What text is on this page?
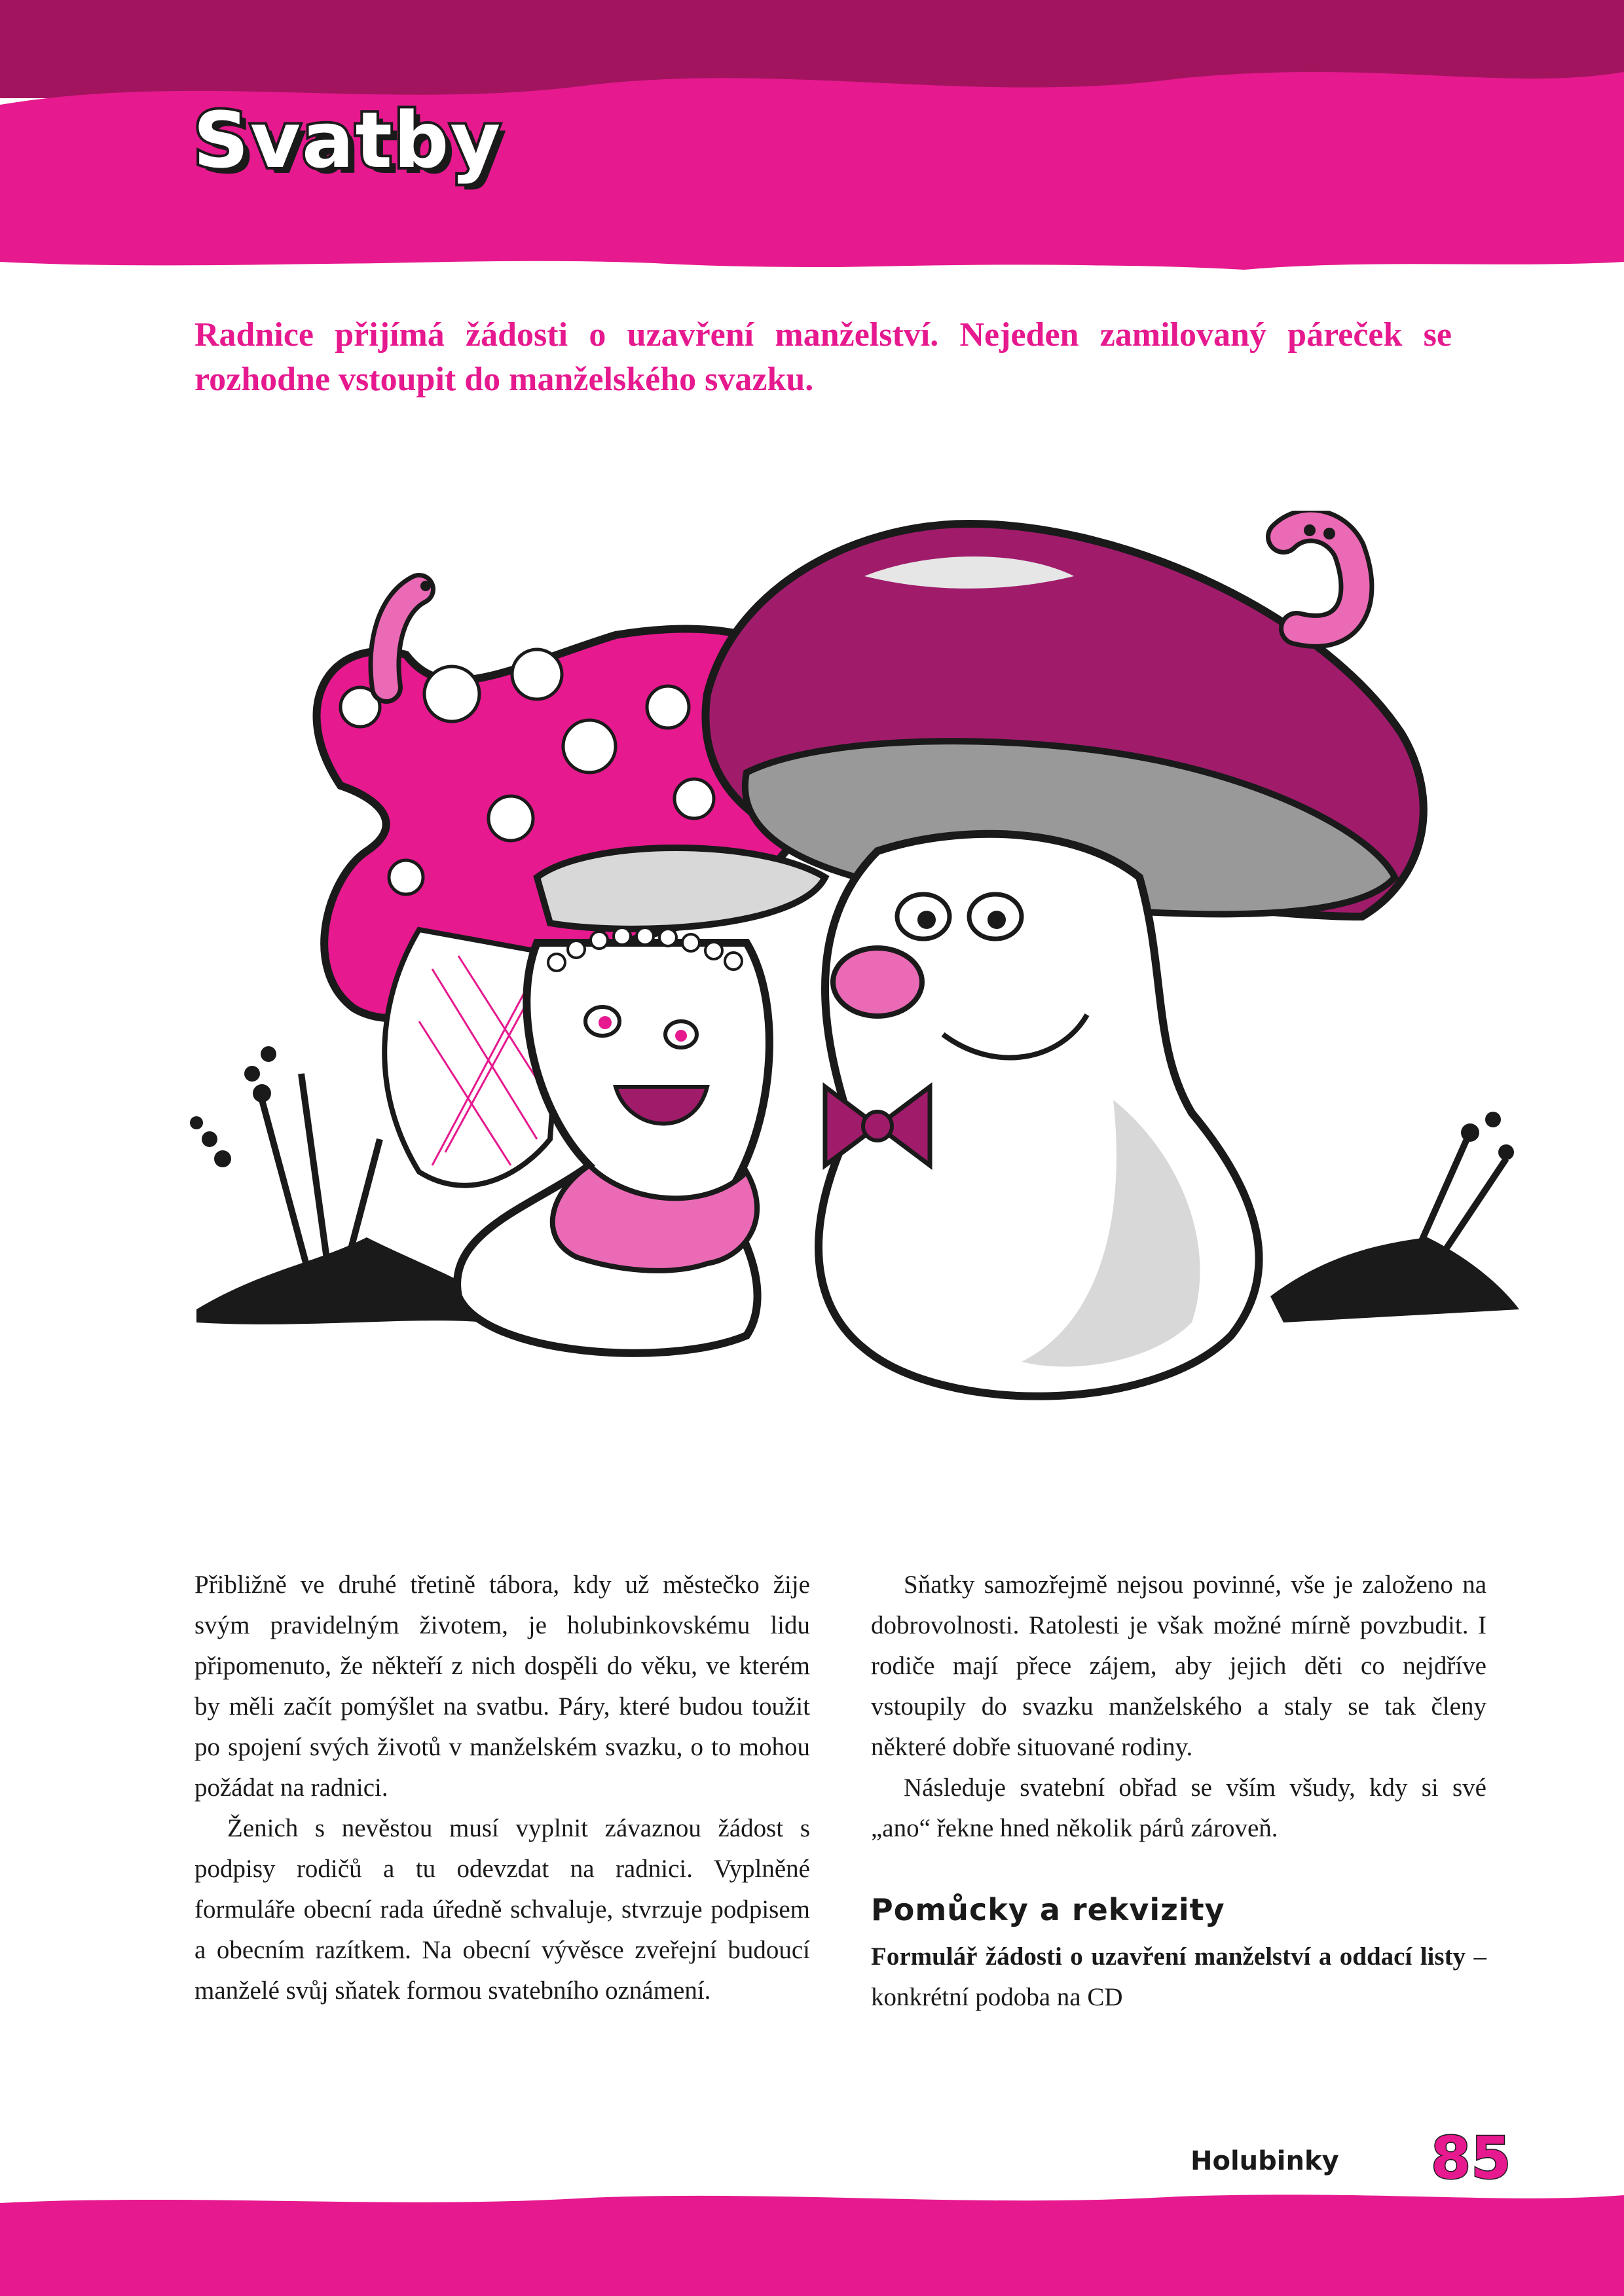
Svatby

Radnice přijímá žádosti o uzavření manželství. Nejeden zamilovaný páreček se rozhodne vstoupit do manželského svazku.

Přibližně ve druhé třetině tábora, kdy už městečko žije svým pravidelným životem, je holubinkovskému lidu připomenuto, že někteří z nich dospěli do věku, ve kterém by měli začít pomýšlet na svatbu. Páry, které budou toužit po spojení svých životů v manželském svazku, o to mohou požádat na radnici.

Ženich s nevěstou musí vyplnit závaznou žádost s podpisy rodičů a tu odevzdat na radnici. Vyplněné formuláře obecní rada úředně schvaluje, stvrzuje podpisem a obecním razítkem. Na obecní vývěsce zveřejní budoucí manželé svůj sňatek formou svatebního oznámení.

Sňatky samozřejmě nejsou povinné, vše je založeno na dobrovolnosti. Ratolesti je však možné mírně povzbudit. I rodiče mají přece zájem, aby jejich děti co nejdříve vstoupily do svazku manželského a staly se tak členy některé dobře situované rodiny.

Následuje svatební obřad se vším všudy, kdy si své „ano“ řekne hned několik párů zároveň.

Pomůcky a rekvizity

Formulář žádosti o uzavření manželství a oddací listy – konkrétní podoba na CD

Holubinky 85
